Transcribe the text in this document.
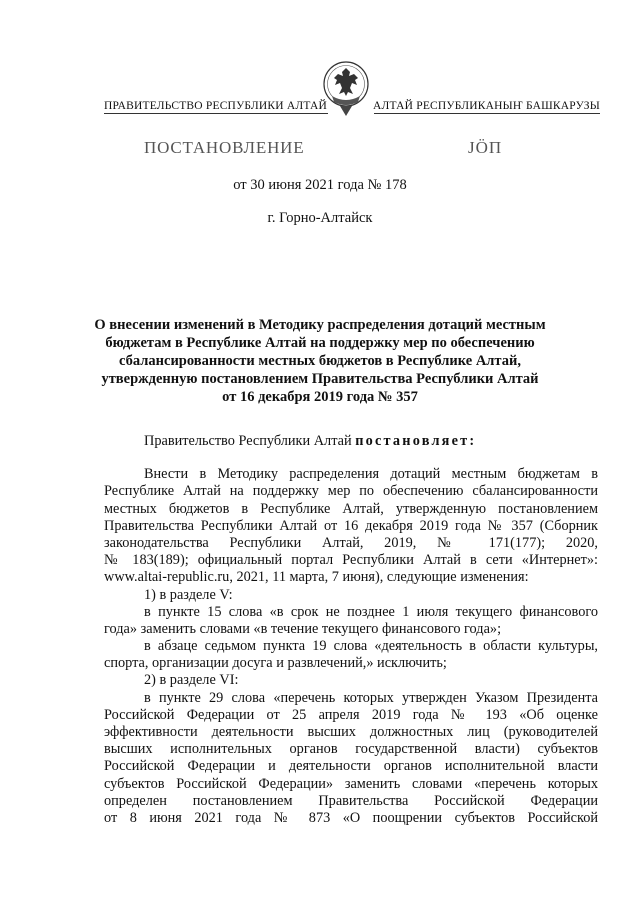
ПРАВИТЕЛЬСТВО РЕСПУБЛИКИ АЛТАЙ	АЛТАЙ РЕСПУБЛИКАНЫҤ БАШКАРУЗЫ
ПОСТАНОВЛЕНИЕ	ЈӦП
от 30 июня 2021 года № 178
г. Горно-Алтайск
О внесении изменений в Методику распределения дотаций местным
бюджетам в Республике Алтай на поддержку мер по обеспечению
сбалансированности местных бюджетов в Республике Алтай,
утвержденную постановлением Правительства Республики Алтай
от 16 декабря 2019 года № 357
Правительство Республики Алтай постановляет:
Внести в Методику распределения дотаций местным бюджетам в
Республике Алтай на поддержку мер по обеспечению сбалансированности
местных бюджетов в Республике Алтай, утвержденную постановлением
Правительства Республики Алтай от 16 декабря 2019 года № 357 (Сборник
законодательства Республики Алтай, 2019, № 171(177); 2020,
№ 183(189); официальный портал Республики Алтай в сети «Интернет»:
www.altai-republic.ru, 2021, 11 марта, 7 июня), следующие изменения:
1) в разделе V:
в пункте 15 слова «в срок не позднее 1 июля текущего финансового
года» заменить словами «в течение текущего финансового года»;
в абзаце седьмом пункта 19 слова «деятельность в области культуры,
спорта, организации досуга и развлечений,» исключить;
2) в разделе VI:
в пункте 29 слова «перечень которых утвержден Указом Президента
Российской Федерации от 25 апреля 2019 года № 193 «Об оценке
эффективности деятельности высших должностных лиц (руководителей
высших исполнительных органов государственной власти) субъектов
Российской Федерации и деятельности органов исполнительной власти
субъектов Российской Федерации» заменить словами «перечень которых
определен постановлением Правительства Российской Федерации
от 8 июня 2021 года № 873 «О поощрении субъектов Российской
